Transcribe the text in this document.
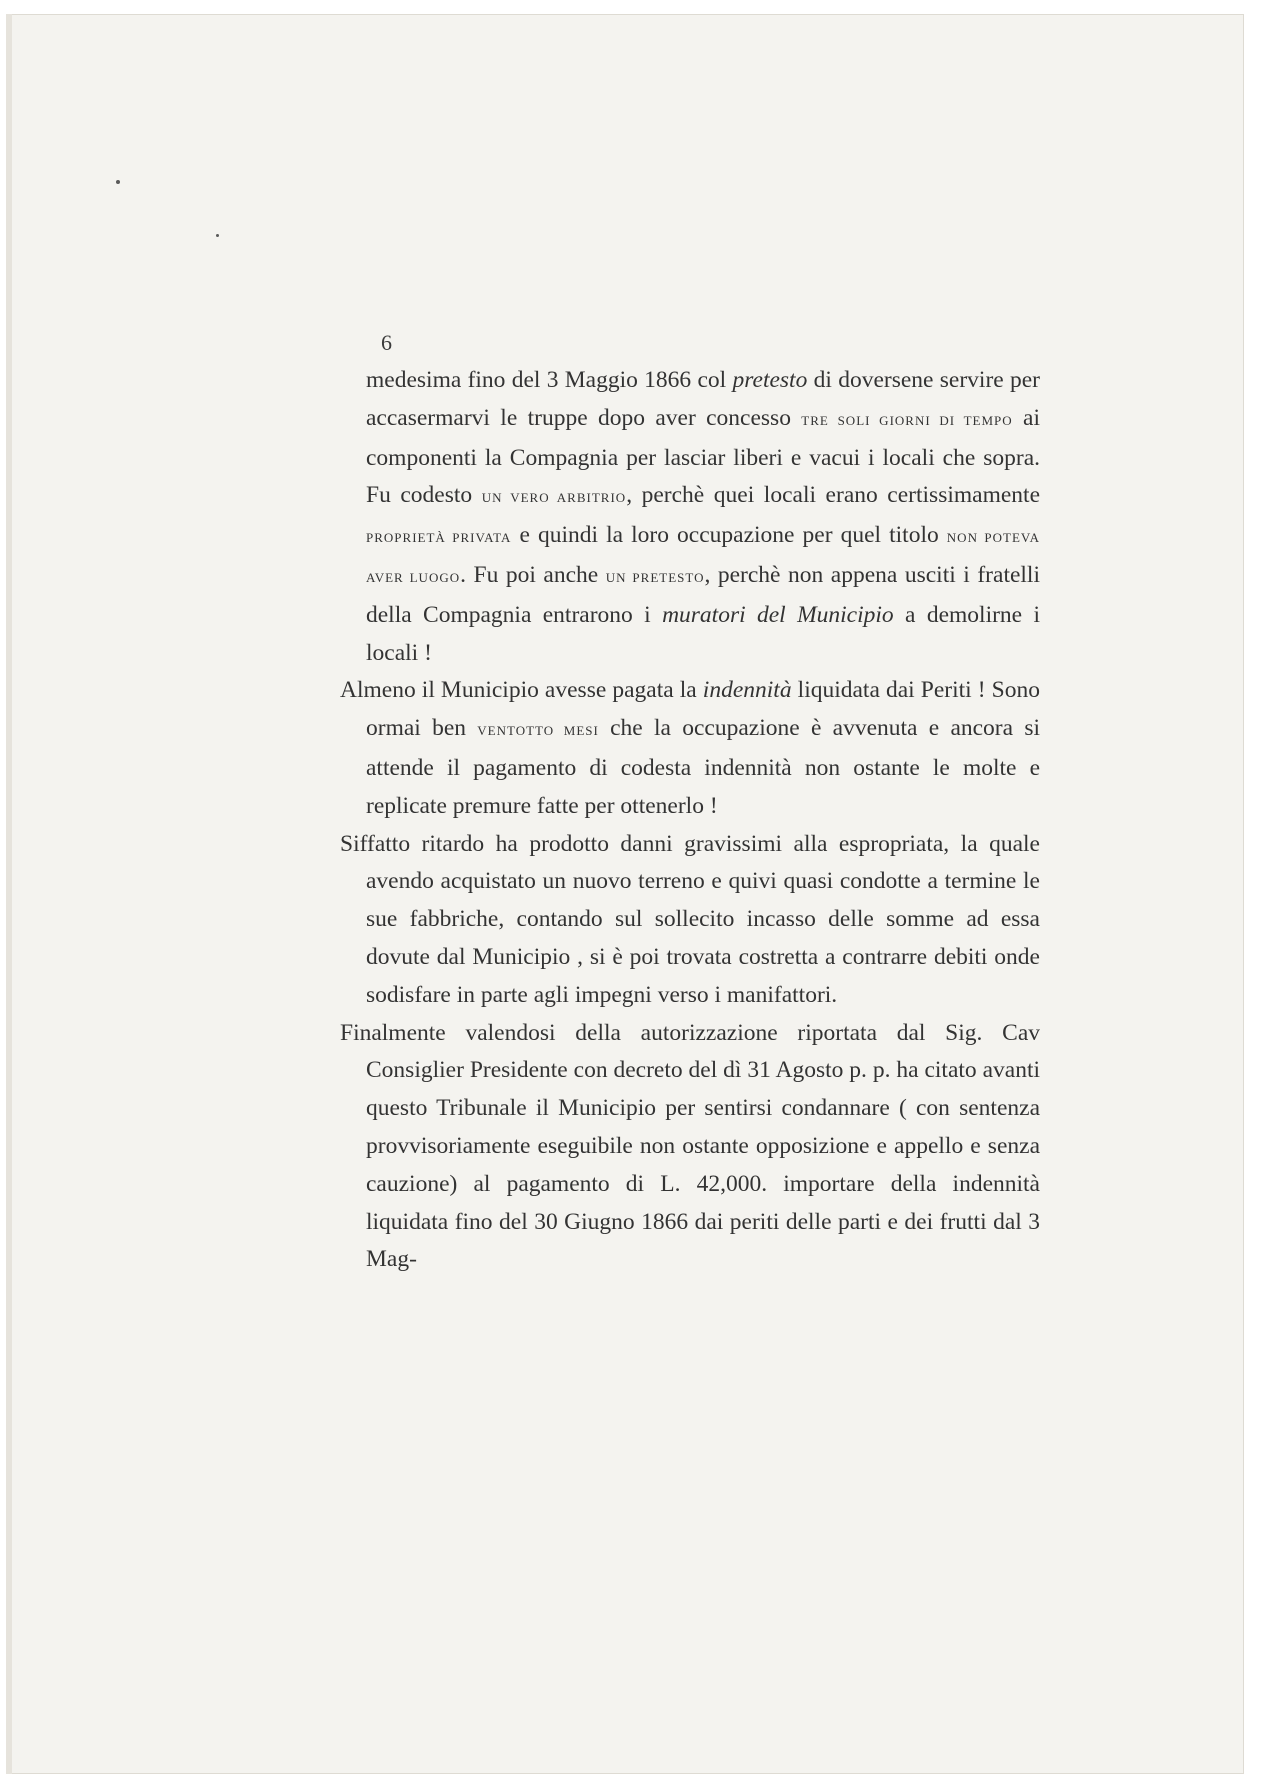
6

medesima fino del 3 Maggio 1866 col pretesto di doversene servire per accasermarvi le truppe dopo aver concesso TRE SOLI GIORNI DI TEMPO ai componenti la Compagnia per lasciar liberi e vacui i locali che sopra. Fu codesto UN VERO ARBITRIO, perchè quei locali erano certissimamente PROPRIETÀ PRIVATA e quindi la loro occupazione per quel titolo NON POTEVA AVER LUOGO. Fu poi anche UN PRETESTO, perchè non appena usciti i fratelli della Compagnia entrarono i muratori del Municipio a demolirne i locali !

Almeno il Municipio avesse pagata la indennità liquidata dai Periti ! Sono ormai ben VENTOTTO MESI che la occupazione è avvenuta e ancora si attende il pagamento di codesta indennità non ostante le molte e replicate premure fatte per ottenerlo !

Siffatto ritardo ha prodotto danni gravissimi alla espropriata, la quale avendo acquistato un nuovo terreno e quivi quasi condotte a termine le sue fabbriche, contando sul sollecito incasso delle somme ad essa dovute dal Municipio , si è poi trovata costretta a contrarre debiti onde sodisfare in parte agli impegni verso i manifattori.

Finalmente valendosi della autorizzazione riportata dal Sig. Cav Consiglier Presidente con decreto del dì 31 Agosto p. p. ha citato avanti questo Tribunale il Municipio per sentirsi condannare ( con sentenza provvisoriamente eseguibile non ostante opposizione e appello e senza cauzione) al pagamento di L. 42,000. importare della indennità liquidata fino del 30 Giugno 1866 dai periti delle parti e dei frutti dal 3 Mag-
